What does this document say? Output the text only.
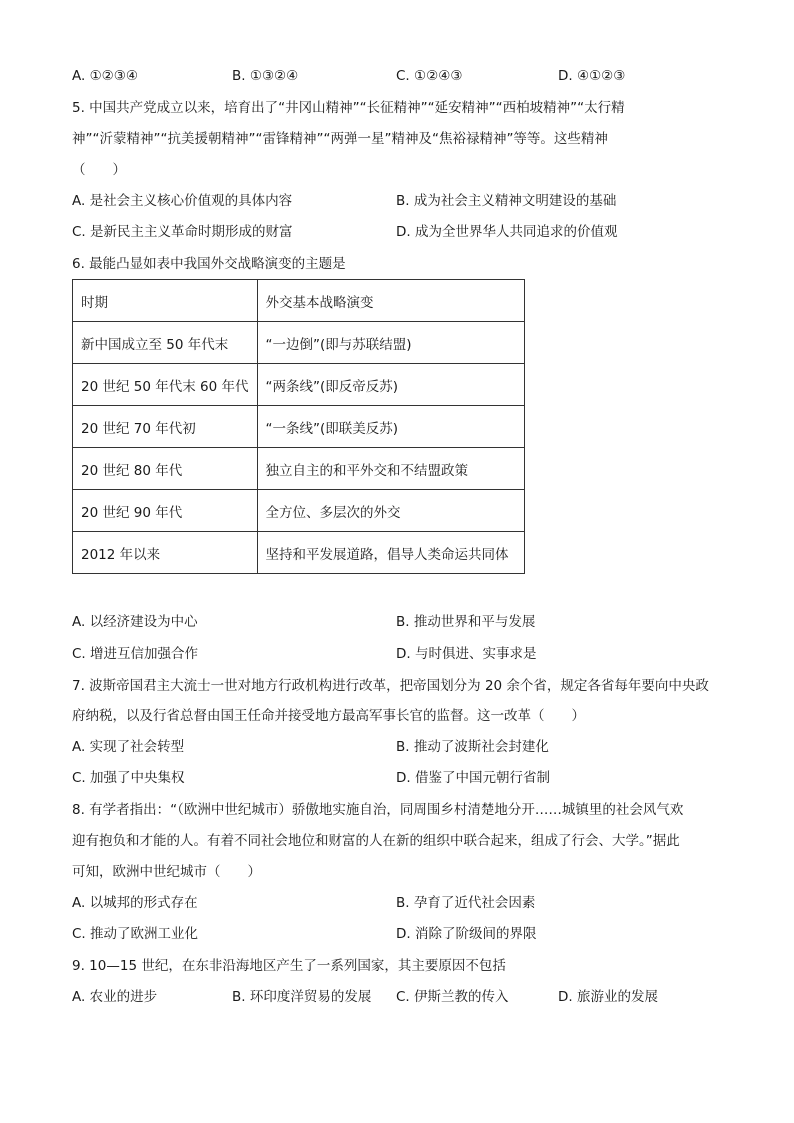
A. ①②③④	B. ①③②④	C. ①②④③	D. ④①②③
5. 中国共产党成立以来，培育出了“井冈山精神”“长征精神”“延安精神”“西柏坡精神”“太行精
神”“沂蒙精神”“抗美援朝精神”“雷锋精神”“两弹一星”精神及“焦裕禄精神”等等。这些精神
（　　）
A. 是社会主义核心价值观的具体内容	B. 成为社会主义精神文明建设的基础
C. 是新民主主义革命时期形成的财富	D. 成为全世界华人共同追求的价值观
6. 最能凸显如表中我国外交战略演变的主题是
时期	外交基本战略演变
新中国成立至 50 年代末	“一边倒”(即与苏联结盟)
20 世纪 50 年代末 60 年代	“两条线”(即反帝反苏)
20 世纪 70 年代初	“一条线”(即联美反苏)
20 世纪 80 年代	独立自主的和平外交和不结盟政策
20 世纪 90 年代	全方位、多层次的外交
2012 年以来	坚持和平发展道路，倡导人类命运共同体
A. 以经济建设为中心	B. 推动世界和平与发展
C. 增进互信加强合作	D. 与时俱进、实事求是
7. 波斯帝国君主大流士一世对地方行政机构进行改革，把帝国划分为 20 余个省，规定各省每年要向中央政
府纳税，以及行省总督由国王任命并接受地方最高军事长官的监督。这一改革（　　）
A. 实现了社会转型	B. 推动了波斯社会封建化
C. 加强了中央集权	D. 借鉴了中国元朝行省制
8. 有学者指出：“（欧洲中世纪城市）骄傲地实施自治，同周围乡村清楚地分开……城镇里的社会风气欢
迎有抱负和才能的人。有着不同社会地位和财富的人在新的组织中联合起来，组成了行会、大学。”据此
可知，欧洲中世纪城市（　　）
A. 以城邦的形式存在	B. 孕育了近代社会因素
C. 推动了欧洲工业化	D. 消除了阶级间的界限
9. 10—15 世纪，在东非沿海地区产生了一系列国家，其主要原因不包括
A. 农业的进步	B. 环印度洋贸易的发展 C. 伊斯兰教的传入	D. 旅游业的发展
